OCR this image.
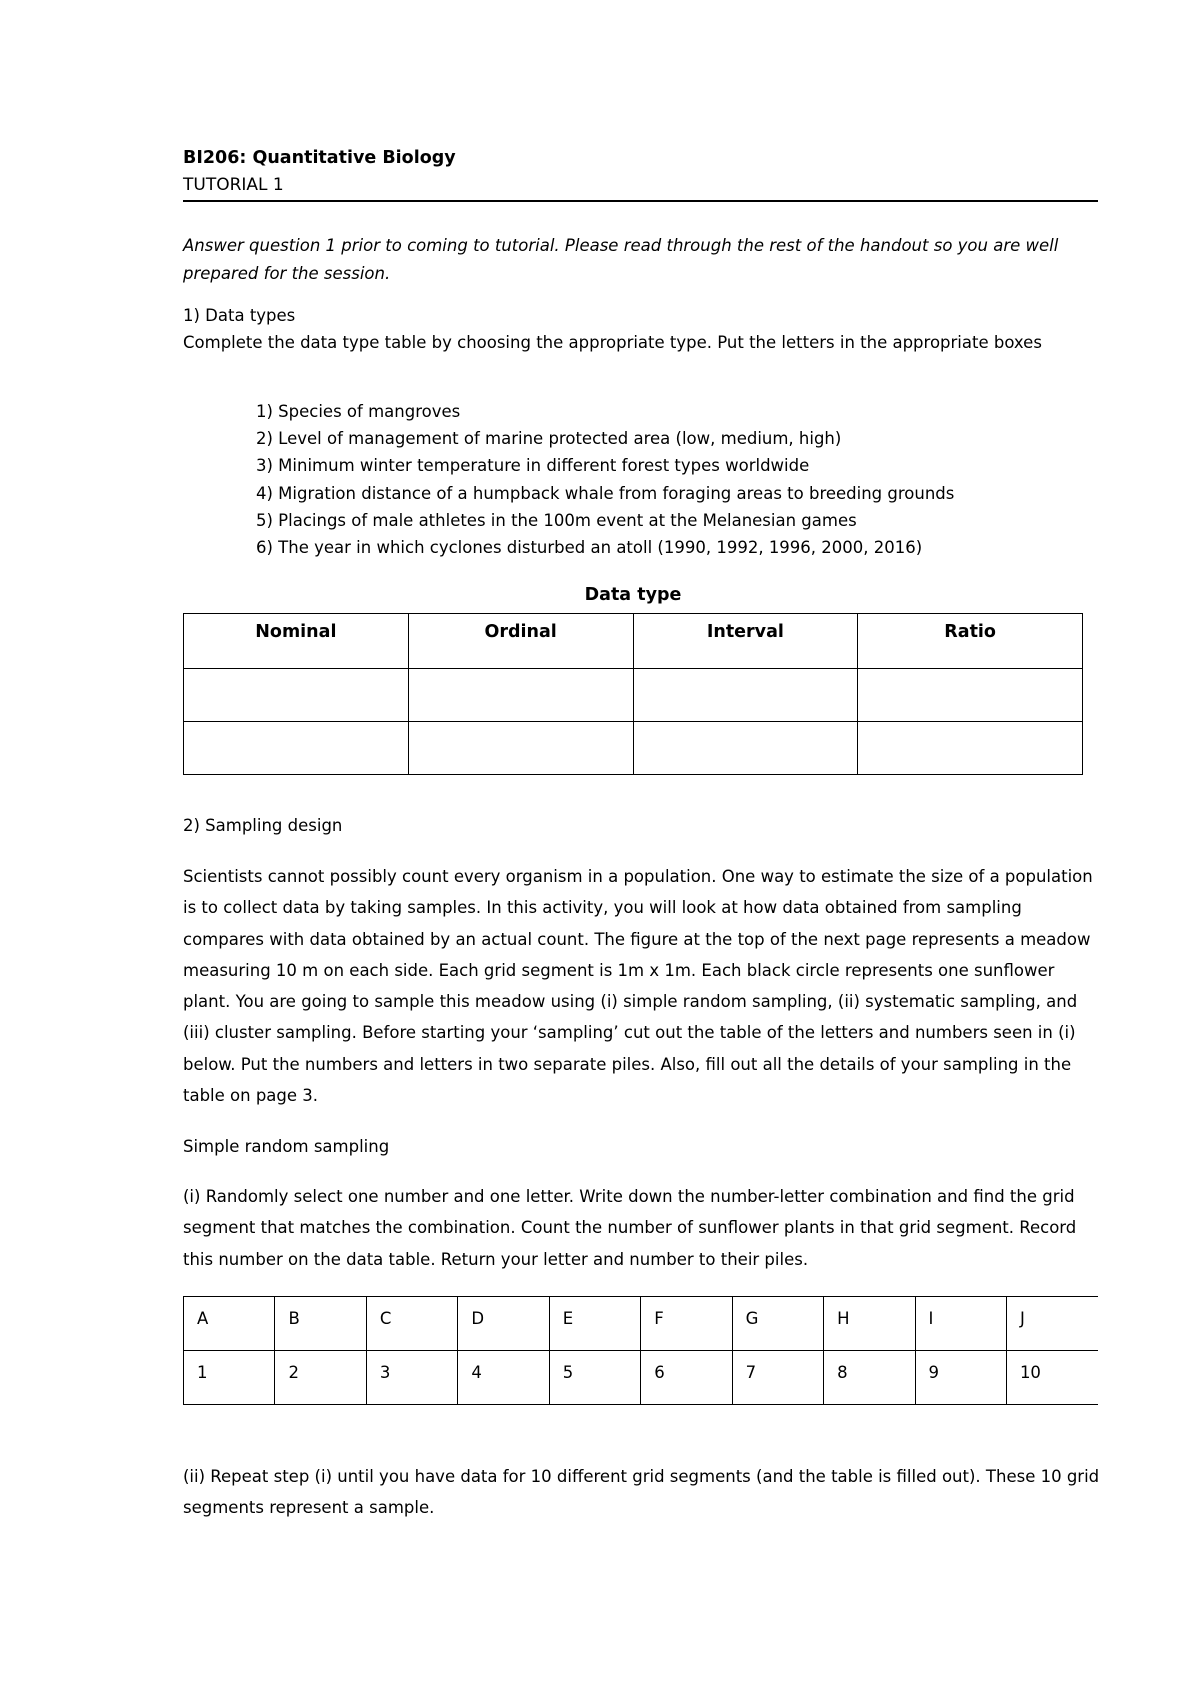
BI206: Quantitative Biology
TUTORIAL 1

Answer question 1 prior to coming to tutorial. Please read through the rest of the handout so you are well prepared for the session.

1) Data types
Complete the data type table by choosing the appropriate type. Put the letters in the appropriate boxes
1) Species of mangroves
2) Level of management of marine protected area (low, medium, high)
3) Minimum winter temperature in different forest types worldwide
4) Migration distance of a humpback whale from foraging areas to breeding grounds
5) Placings of male athletes in the 100m event at the Melanesian games
6) The year in which cyclones disturbed an atoll (1990, 1992, 1996, 2000, 2016)
Data type
Nominal	Ordinal	Interval	Ratio

2) Sampling design

Scientists cannot possibly count every organism in a population. One way to estimate the size of a population is to collect data by taking samples. In this activity, you will look at how data obtained from sampling compares with data obtained by an actual count. The figure at the top of the next page represents a meadow measuring 10 m on each side. Each grid segment is 1m x 1m. Each black circle represents one sunflower plant. You are going to sample this meadow using (i) simple random sampling, (ii) systematic sampling, and (iii) cluster sampling. Before starting your ‘sampling’ cut out the table of the letters and numbers seen in (i) below. Put the numbers and letters in two separate piles. Also, fill out all the details of your sampling in the table on page 3.

Simple random sampling

(i) Randomly select one number and one letter. Write down the number-letter combination and find the grid segment that matches the combination. Count the number of sunflower plants in that grid segment. Record this number on the data table. Return your letter and number to their piles.

A	B	C	D	E	F	G	H	I	J
1	2	3	4	5	6	7	8	9	10

(ii) Repeat step (i) until you have data for 10 different grid segments (and the table is filled out). These 10 grid segments represent a sample.
